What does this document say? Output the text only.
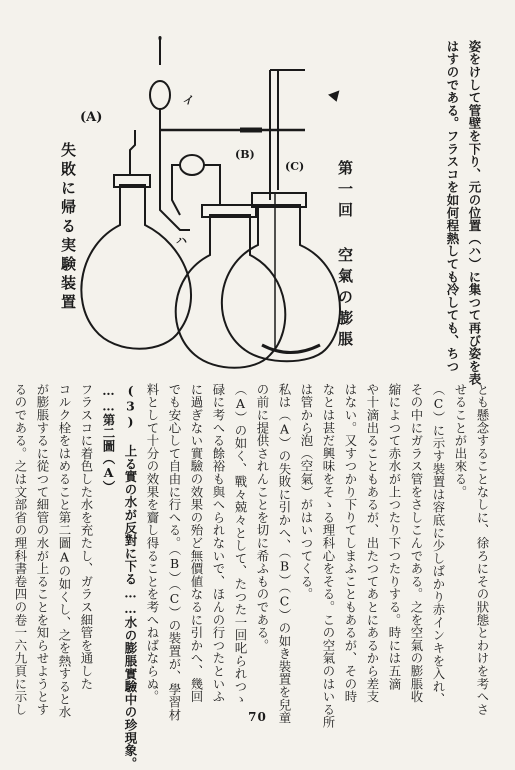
姿をけして管壁を下り、元の位置（ハ）に集つて再び姿を表

はすのである。フラスコを如何程熱しても冷しても、ちつ

(A)
(B)
(C)
イ
ハ
失敗に帰る実験装置	第一回 空氣の膨脹

とも懸念することなしに、徐ろにその狀態とわけを考へさ

せることが出來る。

（C）に示す裝置は容底に少しばかり赤インキを入れ、

その中にガラス管をさしこんである。之を空氣の膨脹收

縮によつて赤水が上つたり下つたりする。時には五滴

や十滴出ることもあるが、出たつてあとにあるから差支

はない。又すつかり下りてしまふこともあるが、その時

なとは甚だ興味をそゝる理科心をそる。この空氣のはいる所

は管から泡（空氣）がはいつてくる。

私は（A）の失敗に引かへ、（B）（C）の如き裝置を兒童

の前に提供されんことを切に希ふものである。

（A）の如く、戰々兢々として、たつた一回叱られつゝ

碌に考へる餘裕も與へられないで、ほんの行つたといふ

に過ぎない實驗の效果の殆ど無價値なるに引かへ、幾回

でも安心して自由に行へる。（B）（C）の裝置が、學習材

料として十分の效果を齎し得ることを考へねばならぬ。

(3) 上る實の水が反對に下る……水の膨脹實驗中の珍現象。

……第二圖（A）

フラスコに着色した水を充たし、ガラス細管を通した

コルク栓をはめること第二圖Aの如くし、之を熱すると水

が膨脹するに從つて細管の水が上ることを知らせようとす

るのである。之は文部省の理科書卷四の卷一六九頁に示し

70
